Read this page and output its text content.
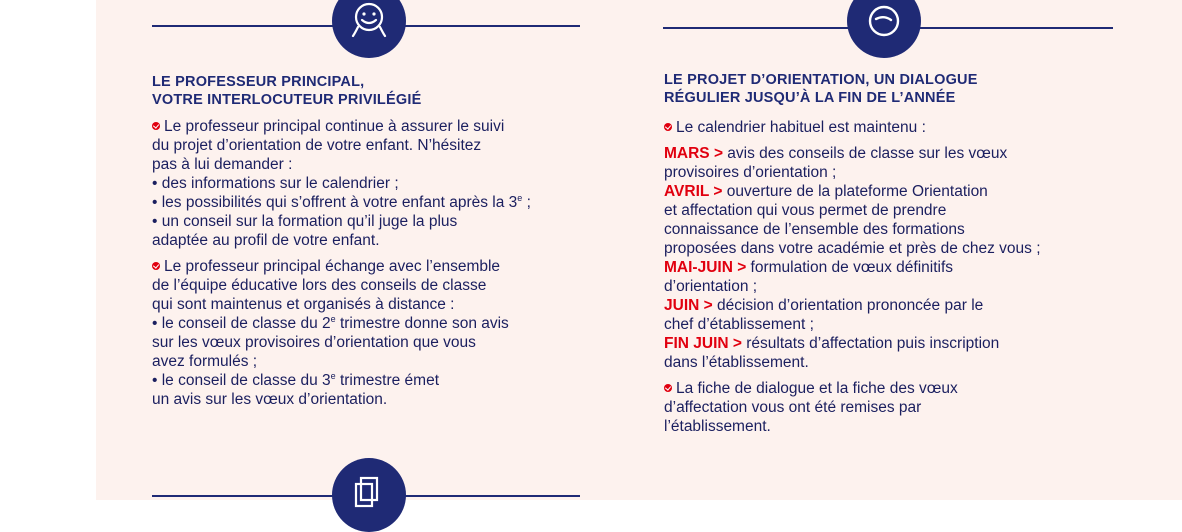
LE PROFESSEUR PRINCIPAL,
VOTRE INTERLOCUTEUR PRIVILÉGIÉ
Le professeur principal continue à assurer le suivi
du projet d’orientation de votre enfant. N’hésitez
pas à lui demander :
• des informations sur le calendrier ;
• les possibilités qui s’offrent à votre enfant après la 3e ;
• un conseil sur la formation qu’il juge la plus
adaptée au profil de votre enfant.
Le professeur principal échange avec l’ensemble
de l’équipe éducative lors des conseils de classe
qui sont maintenus et organisés à distance :
• le conseil de classe du 2e trimestre donne son avis
sur les vœux provisoires d’orientation que vous
avez formulés ;
• le conseil de classe du 3e trimestre émet
un avis sur les vœux d’orientation.
LE PROJET D’ORIENTATION, UN DIALOGUE
RÉGULIER JUSQU’À LA FIN DE L’ANNÉE
Le calendrier habituel est maintenu :
MARS > avis des conseils de classe sur les vœux
provisoires d’orientation ;
AVRIL > ouverture de la plateforme Orientation
et affectation qui vous permet de prendre
connaissance de l’ensemble des formations
proposées dans votre académie et près de chez vous ;
MAI-JUIN > formulation de vœux définitifs
d’orientation ;
JUIN > décision d’orientation prononcée par le
chef d’établissement ;
FIN JUIN > résultats d’affectation puis inscription
dans l’établissement.
La fiche de dialogue et la fiche des vœux
d’affectation vous ont été remises par
l’établissement.
